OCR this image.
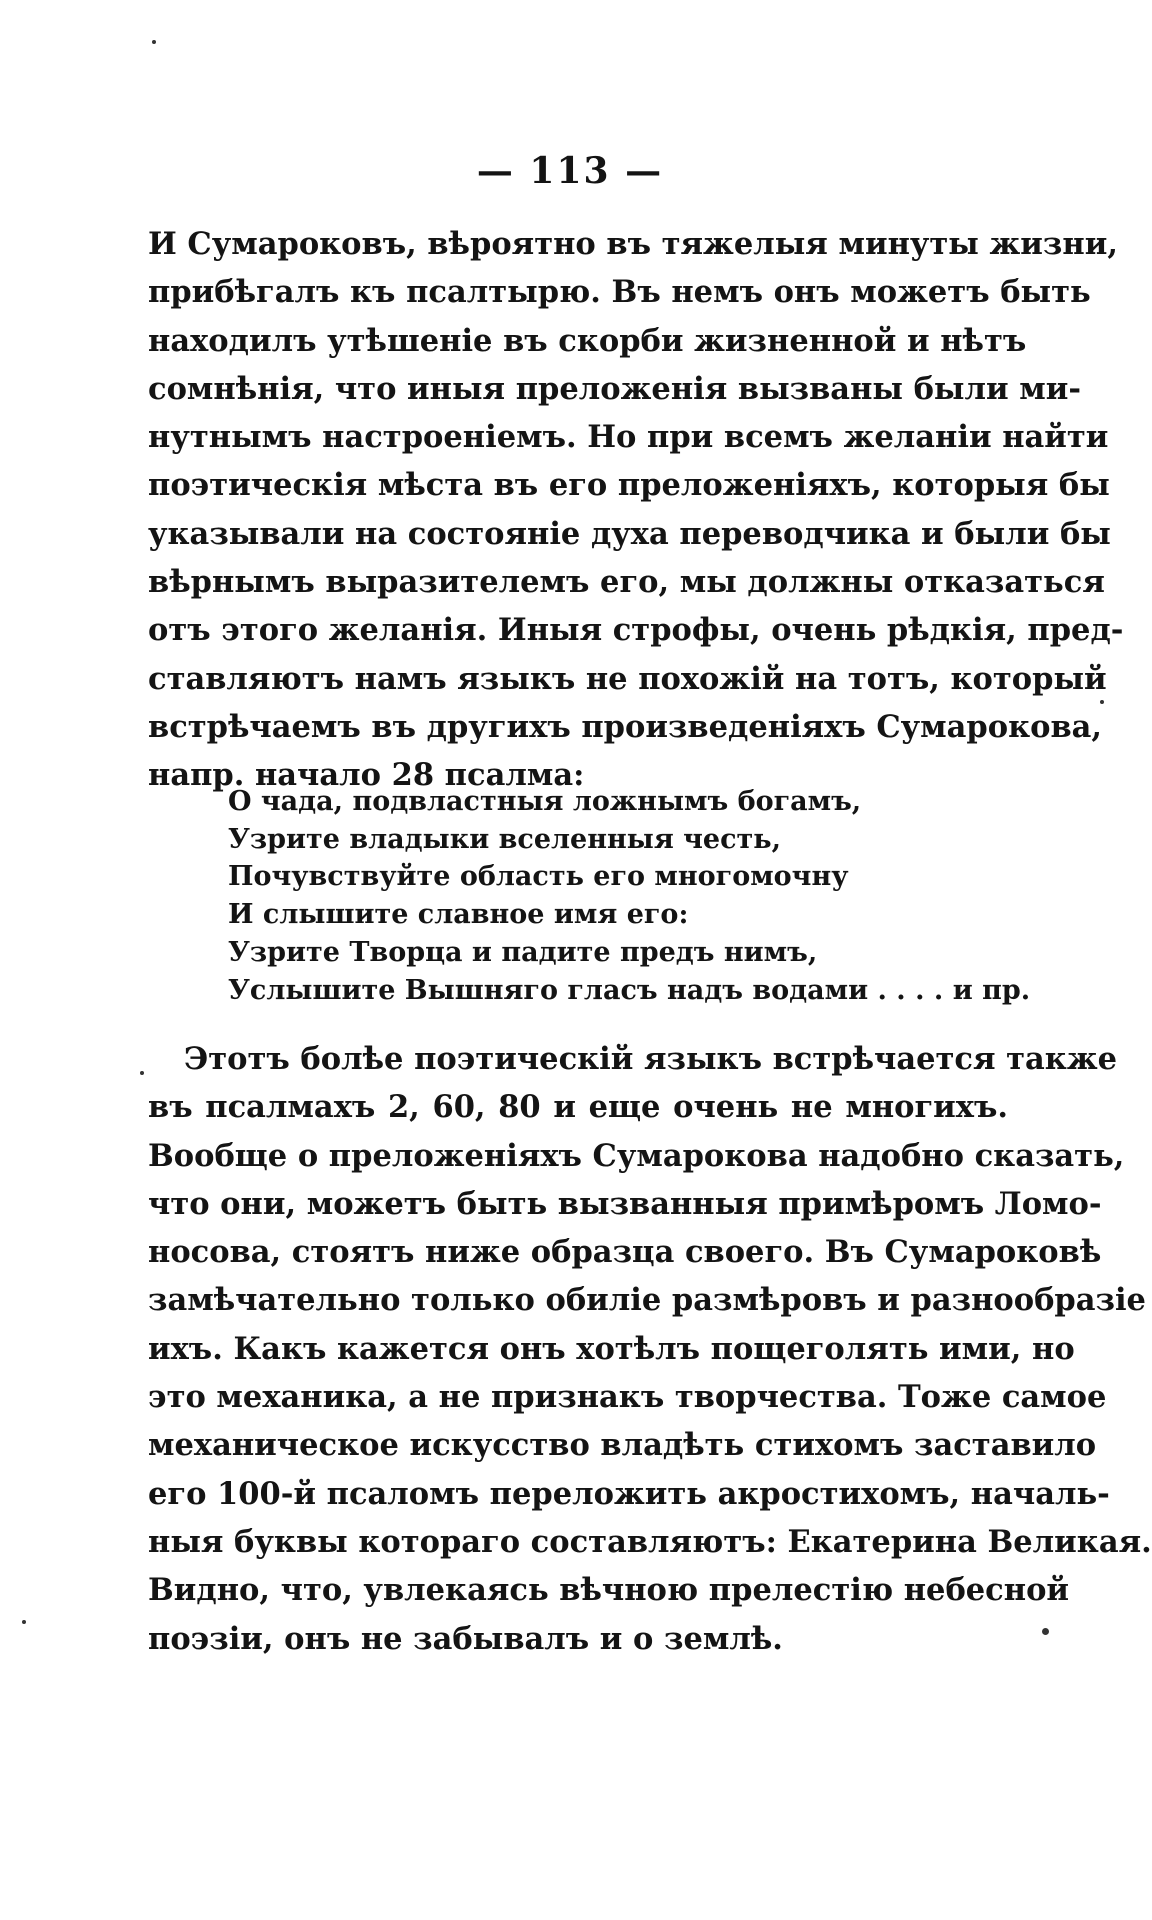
— 113 —
И Сумароковъ, вѣроятно въ тяжелыя минуты жизни,
прибѣгалъ къ псалтырю. Въ немъ онъ можетъ быть
находилъ утѣшеніе въ скорби жизненной и нѣтъ
сомнѣнія, что иныя преложенія вызваны были ми-
нутнымъ настроеніемъ. Но при всемъ желаніи найти
поэтическія мѣста въ его преложеніяхъ, которыя бы
указывали на состояніе духа переводчика и были бы
вѣрнымъ выразителемъ его, мы должны отказаться
отъ этого желанія. Иныя строфы, очень рѣдкія, пред-
ставляютъ намъ языкъ не похожій на тотъ, который
встрѣчаемъ въ другихъ произведеніяхъ Сумарокова,
напр. начало 28 псалма:
О чада, подвластныя ложнымъ богамъ,
Узрите владыки вселенныя честь,
Почувствуйте область его многомочну
И слышите славное имя его:
Узрите Творца и падите предъ нимъ,
Услышите Вышняго гласъ надъ водами . . . . и пр.
Этотъ болѣе поэтическій языкъ встрѣчается также
въ псалмахъ 2, 60, 80 и еще очень не многихъ.
Вообще о преложеніяхъ Сумарокова надобно сказать,
что они, можетъ быть вызванныя примѣромъ Ломо-
носова, стоятъ ниже образца своего. Въ Сумароковѣ
замѣчательно только обиліе размѣровъ и разнообразіе
ихъ. Какъ кажется онъ хотѣлъ пощеголять ими, но
это механика, а не признакъ творчества. Тоже самое
механическое искусство владѣть стихомъ заставило
его 100-й псаломъ переложить акростихомъ, началь-
ныя буквы котораго составляютъ: Екатерина Великая.
Видно, что, увлекаясь вѣчною прелестію небесной
поэзіи, онъ не забывалъ и о землѣ.
